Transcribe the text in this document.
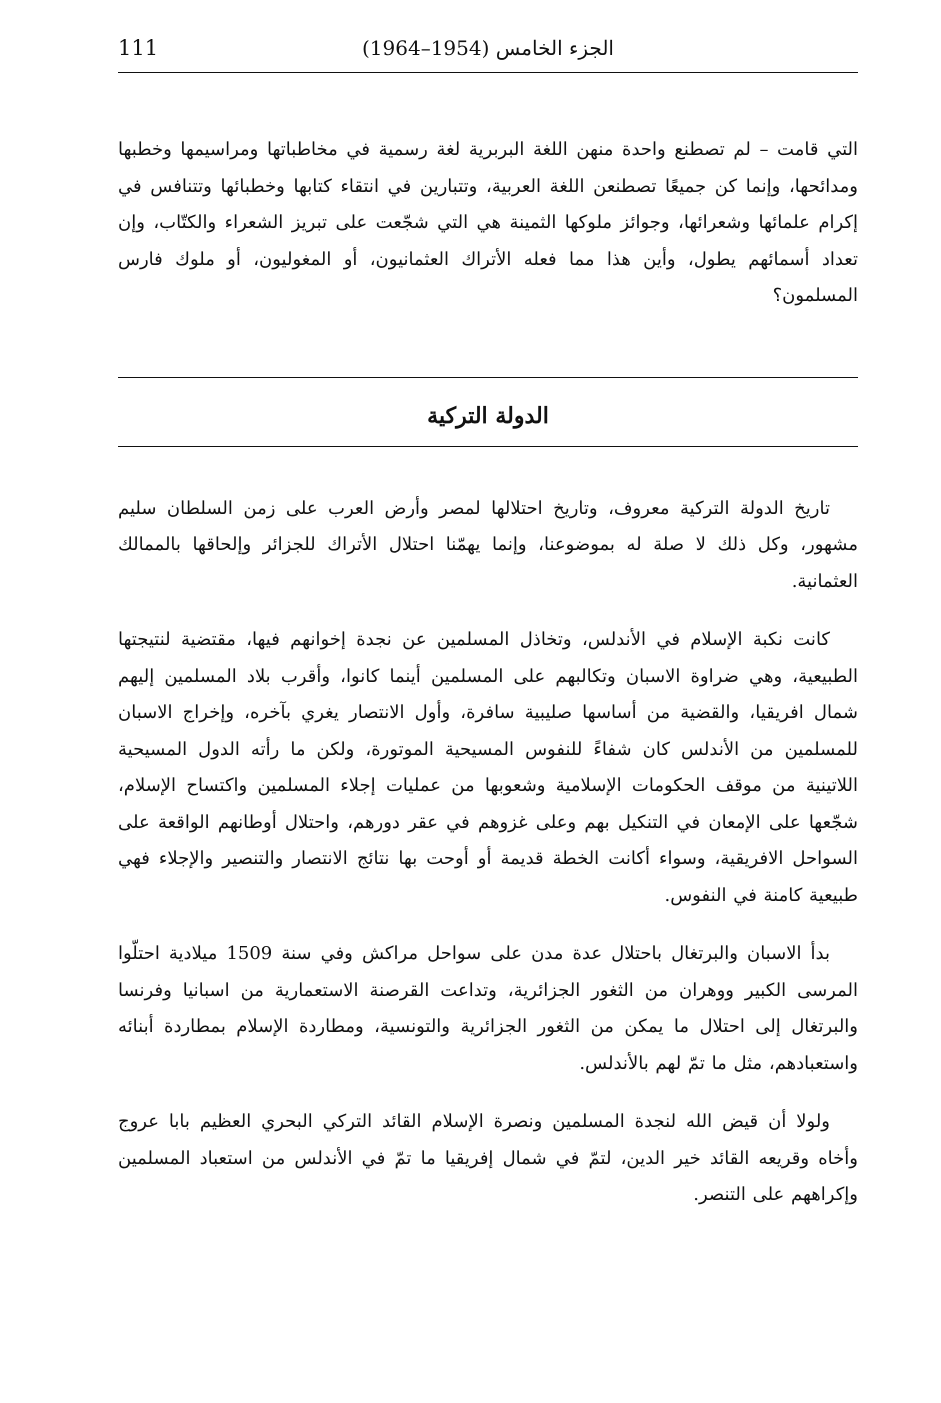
الجزء الخامس (1954–1964)
111

التي قامت – لم تصطنع واحدة منهن اللغة البربرية لغة رسمية في مخاطباتها ومراسيمها وخطبها ومدائحها، وإنما كن جميعًا تصطنعن اللغة العربية، وتتبارين في انتقاء كتابها وخطبائها وتتنافس في إكرام علمائها وشعرائها، وجوائز ملوكها الثمينة هي التي شجّعت على تبريز الشعراء والكتّاب، وإن تعداد أسمائهم يطول، وأين هذا مما فعله الأتراك العثمانيون، أو المغوليون، أو ملوك فارس المسلمون؟

الدولة التركية

تاريخ الدولة التركية معروف، وتاريخ احتلالها لمصر وأرض العرب على زمن السلطان سليم مشهور، وكل ذلك لا صلة له بموضوعنا، وإنما يهمّنا احتلال الأتراك للجزائر وإلحاقها بالممالك العثمانية.

كانت نكبة الإسلام في الأندلس، وتخاذل المسلمين عن نجدة إخوانهم فيها، مقتضية لنتيجتها الطبيعية، وهي ضراوة الاسبان وتكالبهم على المسلمين أينما كانوا، وأقرب بلاد المسلمين إليهم شمال افريقيا، والقضية من أساسها صليبية سافرة، وأول الانتصار يغري بآخره، وإخراج الاسبان للمسلمين من الأندلس كان شفاءً للنفوس المسيحية الموتورة، ولكن ما رأته الدول المسيحية اللاتينية من موقف الحكومات الإسلامية وشعوبها من عمليات إجلاء المسلمين واكتساح الإسلام، شجّعها على الإمعان في التنكيل بهم وعلى غزوهم في عقر دورهم، واحتلال أوطانهم الواقعة على السواحل الافريقية، وسواء أكانت الخطة قديمة أو أوحت بها نتائج الانتصار والتنصير والإجلاء فهي طبيعية كامنة في النفوس.

بدأ الاسبان والبرتغال باحتلال عدة مدن على سواحل مراكش وفي سنة 1509 ميلادية احتلّوا المرسى الكبير ووهران من الثغور الجزائرية، وتداعت القرصنة الاستعمارية من اسبانيا وفرنسا والبرتغال إلى احتلال ما يمكن من الثغور الجزائرية والتونسية، ومطاردة الإسلام بمطاردة أبنائه واستعبادهم، مثل ما تمّ لهم بالأندلس.

ولولا أن قيض الله لنجدة المسلمين ونصرة الإسلام القائد التركي البحري العظيم بابا عروج وأخاه وقريعه القائد خير الدين، لتمّ في شمال إفريقيا ما تمّ في الأندلس من استعباد المسلمين وإكراههم على التنصر.
